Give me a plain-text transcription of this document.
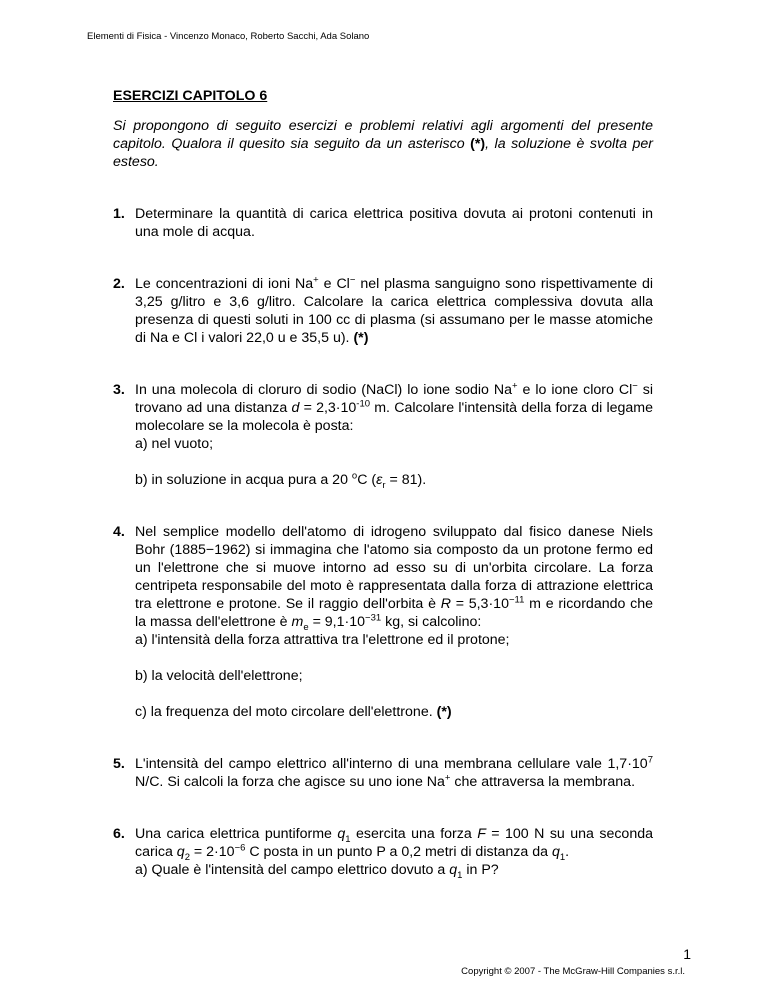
Elementi di Fisica - Vincenzo Monaco, Roberto Sacchi, Ada Solano
ESERCIZI CAPITOLO 6

Si propongono di seguito esercizi e problemi relativi agli argomenti del presente capitolo. Qualora il quesito sia seguito da un asterisco (*), la soluzione è svolta per esteso.

1. Determinare la quantità di carica elettrica positiva dovuta ai protoni contenuti in una mole di acqua.

2. Le concentrazioni di ioni Na+ e Cl− nel plasma sanguigno sono rispettivamente di 3,25 g/litro e 3,6 g/litro. Calcolare la carica elettrica complessiva dovuta alla presenza di questi soluti in 100 cc di plasma (si assumano per le masse atomiche di Na e Cl i valori 22,0 u e 35,5 u). (*)

3. In una molecola di cloruro di sodio (NaCl) lo ione sodio Na+ e lo ione cloro Cl− si trovano ad una distanza $d = 2,3\cdot 10^{-10}$ m. Calcolare l'intensità della forza di legame molecolare se la molecola è posta:

a) nel vuoto;

b) in soluzione in acqua pura a 20 $^o$C $(\varepsilon_r = 81)$.

4. Nel semplice modello dell'atomo di idrogeno sviluppato dal fisico danese Niels Bohr (1885−1962) si immagina che l'atomo sia composto da un protone fermo ed un l'elettrone che si muove intorno ad esso su di un'orbita circolare. La forza centripeta responsabile del moto è rappresentata dalla forza di attrazione elettrica tra elettrone e protone. Se il raggio dell'orbita è $R = 5,3\cdot 10^{-11}$ m e ricordando che la massa dell'elettrone è $m_e = 9,1\cdot 10^{-31}$ kg, si calcolino:

a) l'intensità della forza attrattiva tra l'elettrone ed il protone;

b) la velocità dell'elettrone;

c) la frequenza del moto circolare dell'elettrone. (*)

5. L'intensità del campo elettrico all'interno di una membrana cellulare vale $1,7\cdot 10^7$ N/C. Si calcoli la forza che agisce su uno ione Na+ che attraversa la membrana.

6. Una carica elettrica puntiforme $q_1$ esercita una forza F = 100 N su una seconda carica $q_2 = 2\cdot 10^{-6}$ C posta in un punto P a 0,2 metri di distanza da $q_1$.

a) Quale è l'intensità del campo elettrico dovuto a $q_1$ in P?

1
Copyright © 2007 - The McGraw-Hill Companies s.r.l.
